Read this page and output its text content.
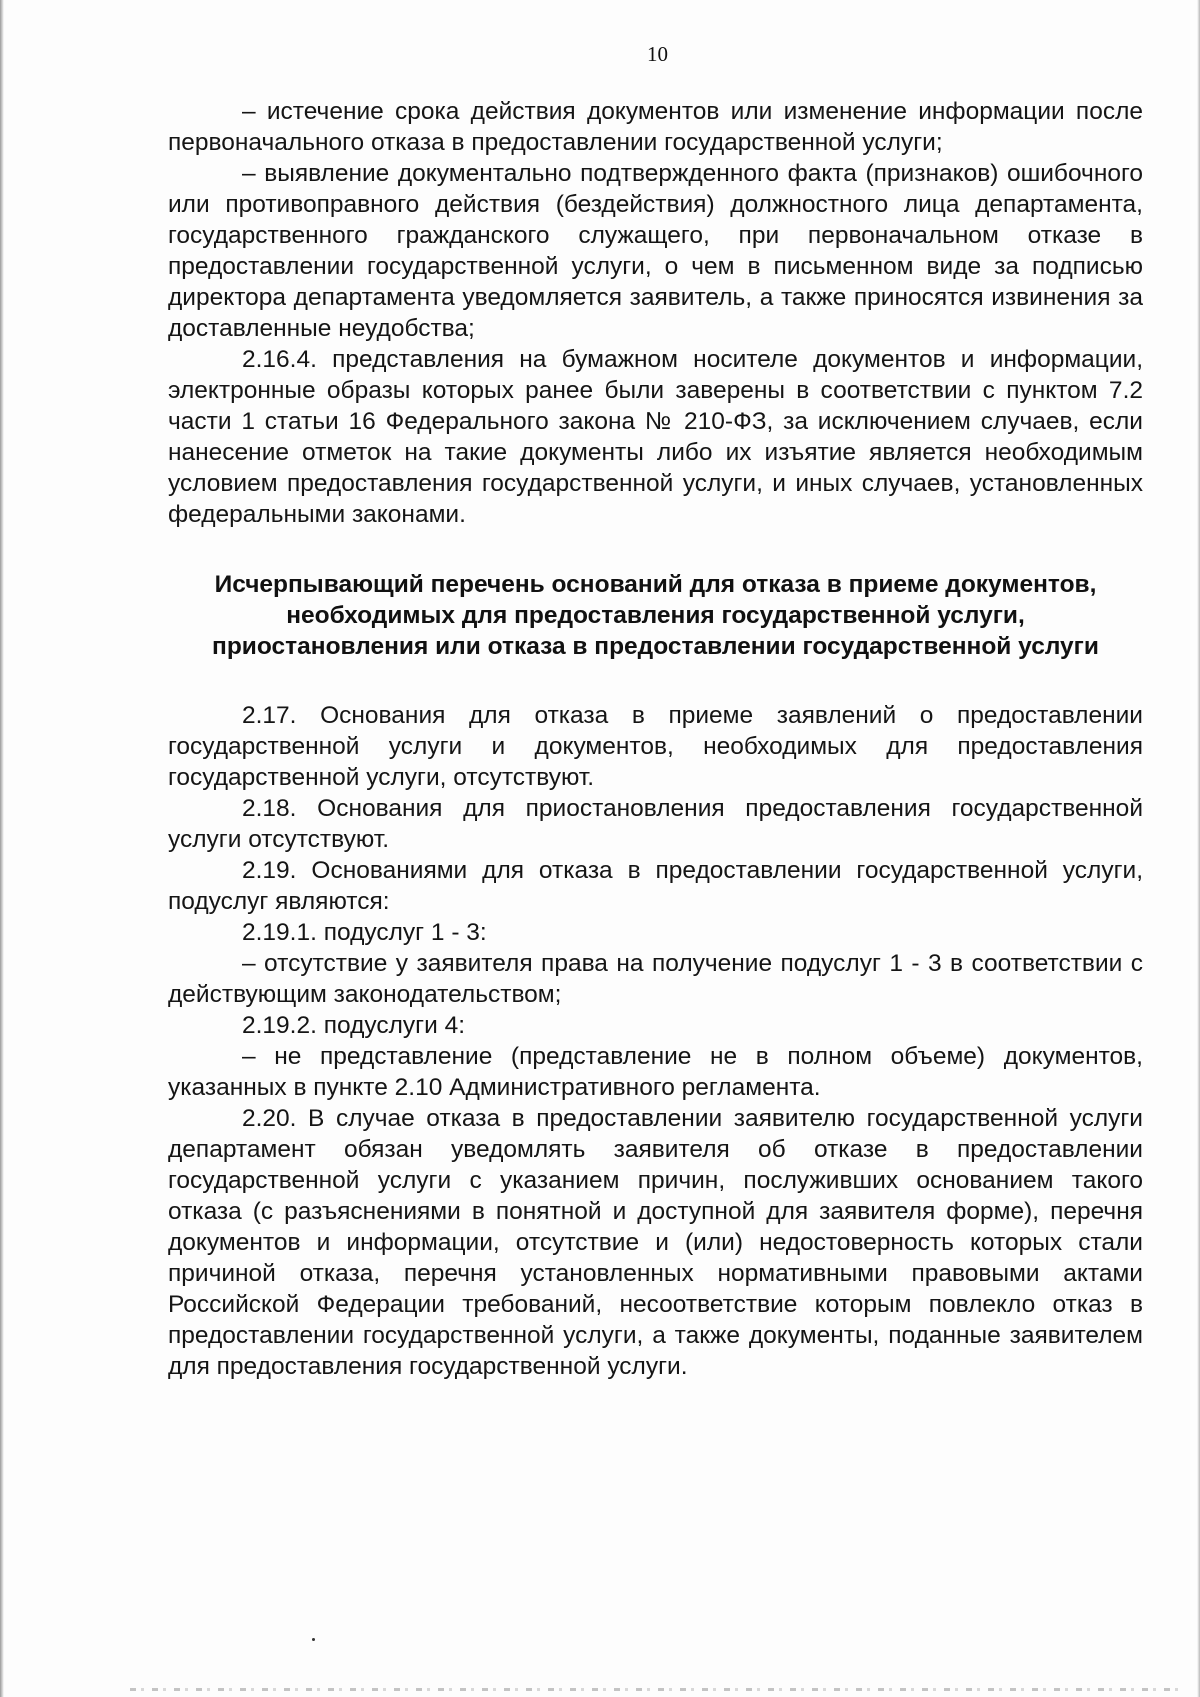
10

– истечение срока действия документов или изменение информации после первоначального отказа в предоставлении государственной услуги;

– выявление документально подтвержденного факта (признаков) ошибочного или противоправного действия (бездействия) должностного лица департамента, государственного гражданского служащего, при первоначальном отказе в предоставлении государственной услуги, о чем в письменном виде за подписью директора департамента уведомляется заявитель, а также приносятся извинения за доставленные неудобства;

2.16.4. представления на бумажном носителе документов и информации, электронные образы которых ранее были заверены в соответствии с пунктом 7.2 части 1 статьи 16 Федерального закона № 210-ФЗ, за исключением случаев, если нанесение отметок на такие документы либо их изъятие является необходимым условием предоставления государственной услуги, и иных случаев, установленных федеральными законами.

Исчерпывающий перечень оснований для отказа в приеме документов, необходимых для предоставления государственной услуги, приостановления или отказа в предоставлении государственной услуги

2.17. Основания для отказа в приеме заявлений о предоставлении государственной услуги и документов, необходимых для предоставления государственной услуги, отсутствуют.

2.18. Основания для приостановления предоставления государственной услуги отсутствуют.

2.19. Основаниями для отказа в предоставлении государственной услуги, подуслуг являются:

2.19.1. подуслуг 1 - 3:

– отсутствие у заявителя права на получение подуслуг 1 - 3 в соответствии с действующим законодательством;

2.19.2. подуслуги 4:

– не представление (представление не в полном объеме) документов, указанных в пункте 2.10 Административного регламента.

2.20. В случае отказа в предоставлении заявителю государственной услуги департамент обязан уведомлять заявителя об отказе в предоставлении государственной услуги с указанием причин, послуживших основанием такого отказа (с разъяснениями в понятной и доступной для заявителя форме), перечня документов и информации, отсутствие и (или) недостоверность которых стали причиной отказа, перечня установленных нормативными правовыми актами Российской Федерации требований, несоответствие которым повлекло отказ в предоставлении государственной услуги, а также документы, поданные заявителем для предоставления государственной услуги.
